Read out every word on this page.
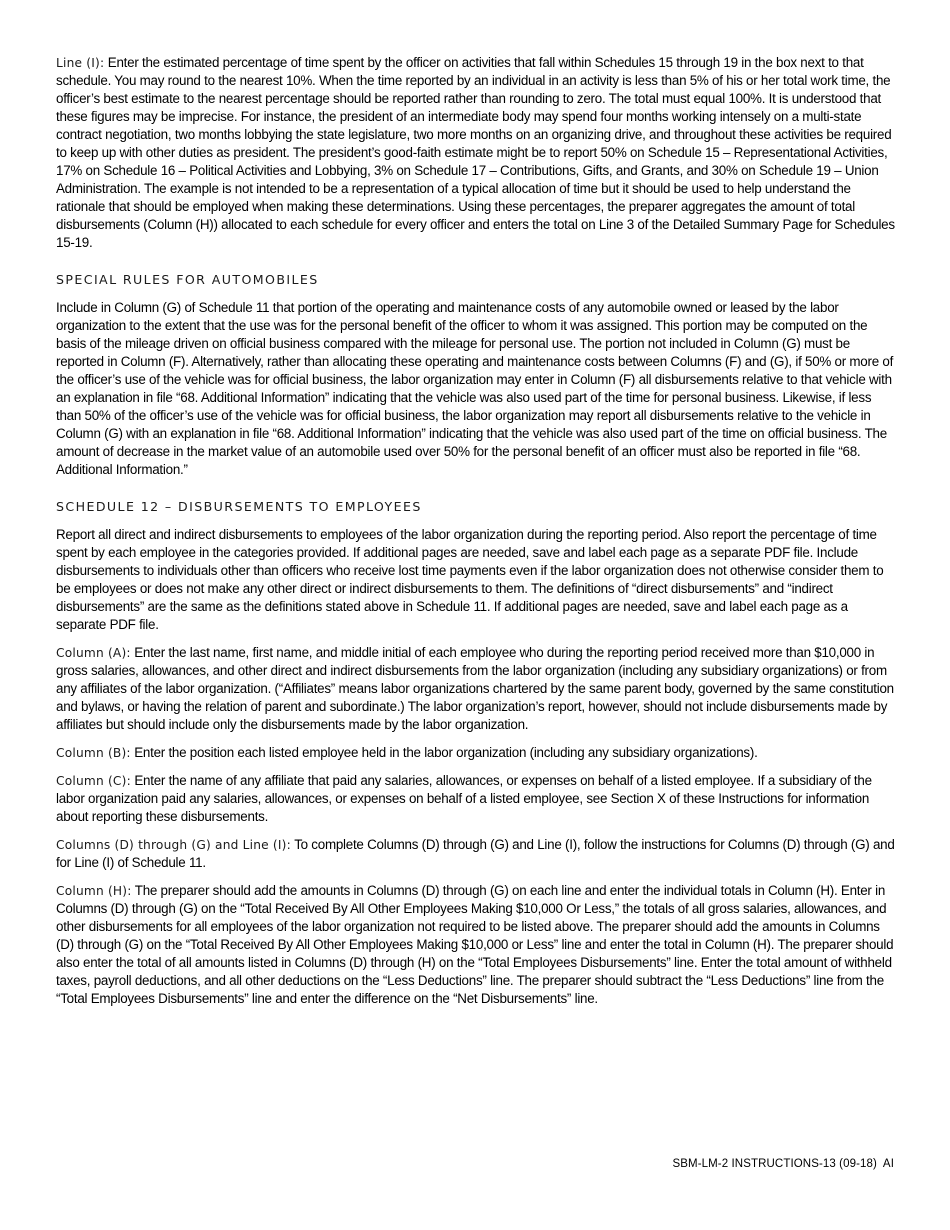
Line (I): Enter the estimated percentage of time spent by the officer on activities that fall within Schedules 15 through 19 in the box next to that schedule. You may round to the nearest 10%. When the time reported by an individual in an activity is less than 5% of his or her total work time, the officer’s best estimate to the nearest percentage should be reported rather than rounding to zero. The total must equal 100%. It is understood that these figures may be imprecise. For instance, the president of an intermediate body may spend four months working intensely on a multi-state contract negotiation, two months lobbying the state legislature, two more months on an organizing drive, and throughout these activities be required to keep up with other duties as president. The president’s good-faith estimate might be to report 50% on Schedule 15 – Representational Activities, 17% on Schedule 16 – Political Activities and Lobbying, 3% on Schedule 17 – Contributions, Gifts, and Grants, and 30% on Schedule 19 – Union Administration. The example is not intended to be a representation of a typical allocation of time but it should be used to help understand the rationale that should be employed when making these determinations. Using these percentages, the preparer aggregates the amount of total disbursements (Column (H)) allocated to each schedule for every officer and enters the total on Line 3 of the Detailed Summary Page for Schedules 15-19.

SPECIAL RULES FOR AUTOMOBILES

Include in Column (G) of Schedule 11 that portion of the operating and maintenance costs of any automobile owned or leased by the labor organization to the extent that the use was for the personal benefit of the officer to whom it was assigned. This portion may be computed on the basis of the mileage driven on official business compared with the mileage for personal use. The portion not included in Column (G) must be reported in Column (F). Alternatively, rather than allocating these operating and maintenance costs between Columns (F) and (G), if 50% or more of the officer’s use of the vehicle was for official business, the labor organization may enter in Column (F) all disbursements relative to that vehicle with an explanation in file “68. Additional Information” indicating that the vehicle was also used part of the time for personal business. Likewise, if less than 50% of the officer’s use of the vehicle was for official business, the labor organization may report all disbursements relative to the vehicle in Column (G) with an explanation in file “68. Additional Information” indicating that the vehicle was also used part of the time on official business. The amount of decrease in the market value of an automobile used over 50% for the personal benefit of an officer must also be reported in file “68. Additional Information.”

SCHEDULE 12 – DISBURSEMENTS TO EMPLOYEES

Report all direct and indirect disbursements to employees of the labor organization during the reporting period. Also report the percentage of time spent by each employee in the categories provided. If additional pages are needed, save and label each page as a separate PDF file. Include disbursements to individuals other than officers who receive lost time payments even if the labor organization does not otherwise consider them to be employees or does not make any other direct or indirect disbursements to them. The definitions of “direct disbursements” and “indirect disbursements” are the same as the definitions stated above in Schedule 11. If additional pages are needed, save and label each page as a separate PDF file.

Column (A): Enter the last name, first name, and middle initial of each employee who during the reporting period received more than $10,000 in gross salaries, allowances, and other direct and indirect disbursements from the labor organization (including any subsidiary organizations) or from any affiliates of the labor organization. (“Affiliates” means labor organizations chartered by the same parent body, governed by the same constitution and bylaws, or having the relation of parent and subordinate.) The labor organization’s report, however, should not include disbursements made by affiliates but should include only the disbursements made by the labor organization.

Column (B): Enter the position each listed employee held in the labor organization (including any subsidiary organizations).

Column (C): Enter the name of any affiliate that paid any salaries, allowances, or expenses on behalf of a listed employee. If a subsidiary of the labor organization paid any salaries, allowances, or expenses on behalf of a listed employee, see Section X of these Instructions for information about reporting these disbursements.

Columns (D) through (G) and Line (I): To complete Columns (D) through (G) and Line (I), follow the instructions for Columns (D) through (G) and for Line (I) of Schedule 11.

Column (H): The preparer should add the amounts in Columns (D) through (G) on each line and enter the individual totals in Column (H). Enter in Columns (D) through (G) on the “Total Received By All Other Employees Making $10,000 Or Less,” the totals of all gross salaries, allowances, and other disbursements for all employees of the labor organization not required to be listed above. The preparer should add the amounts in Columns (D) through (G) on the “Total Received By All Other Employees Making $10,000 or Less” line and enter the total in Column (H). The preparer should also enter the total of all amounts listed in Columns (D) through (H) on the “Total Employees Disbursements” line. Enter the total amount of withheld taxes, payroll deductions, and all other deductions on the “Less Deductions” line. The preparer should subtract the “Less Deductions” line from the “Total Employees Disbursements” line and enter the difference on the “Net Disbursements” line.

SBM-LM-2 INSTRUCTIONS-13 (09-18) AI
